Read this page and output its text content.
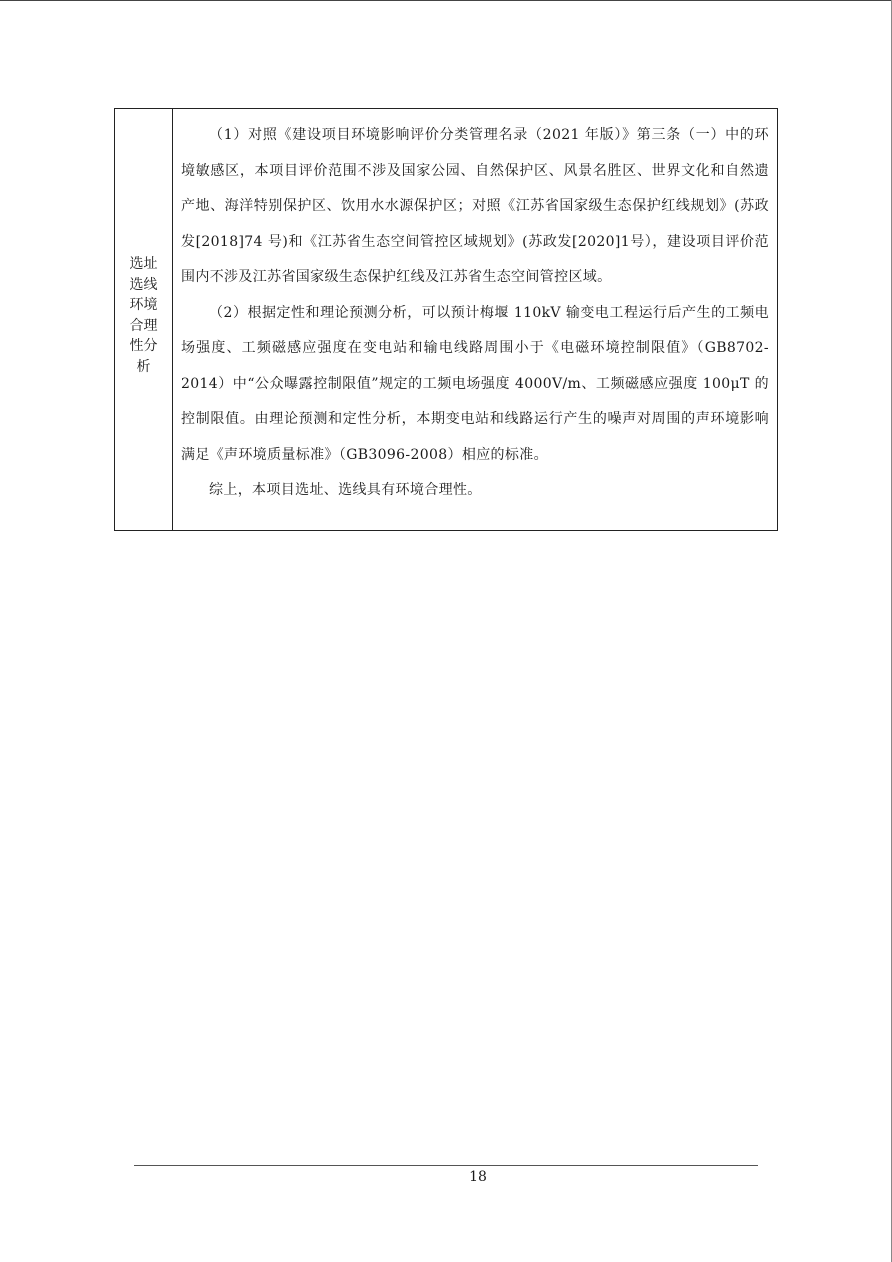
选址选线环境合理性分析

（1）对照《建设项目环境影响评价分类管理名录（2021 年版）》第三条（一）中的环境敏感区，本项目评价范围不涉及国家公园、自然保护区、风景名胜区、世界文化和自然遗产地、海洋特别保护区、饮用水水源保护区；对照《江苏省国家级生态保护红线规划》(苏政发[2018]74 号)和《江苏省生态空间管控区域规划》(苏政发[2020]1号），建设项目评价范围内不涉及江苏省国家级生态保护红线及江苏省生态空间管控区域。

（2）根据定性和理论预测分析，可以预计梅堰 110kV 输变电工程运行后产生的工频电场强度、工频磁感应强度在变电站和输电线路周围小于《电磁环境控制限值》（GB8702-2014）中“公众曝露控制限值”规定的工频电场强度 4000V/m、工频磁感应强度 100μT 的控制限值。由理论预测和定性分析，本期变电站和线路运行产生的噪声对周围的声环境影响满足《声环境质量标准》（GB3096-2008）相应的标准。

综上，本项目选址、选线具有环境合理性。

18
